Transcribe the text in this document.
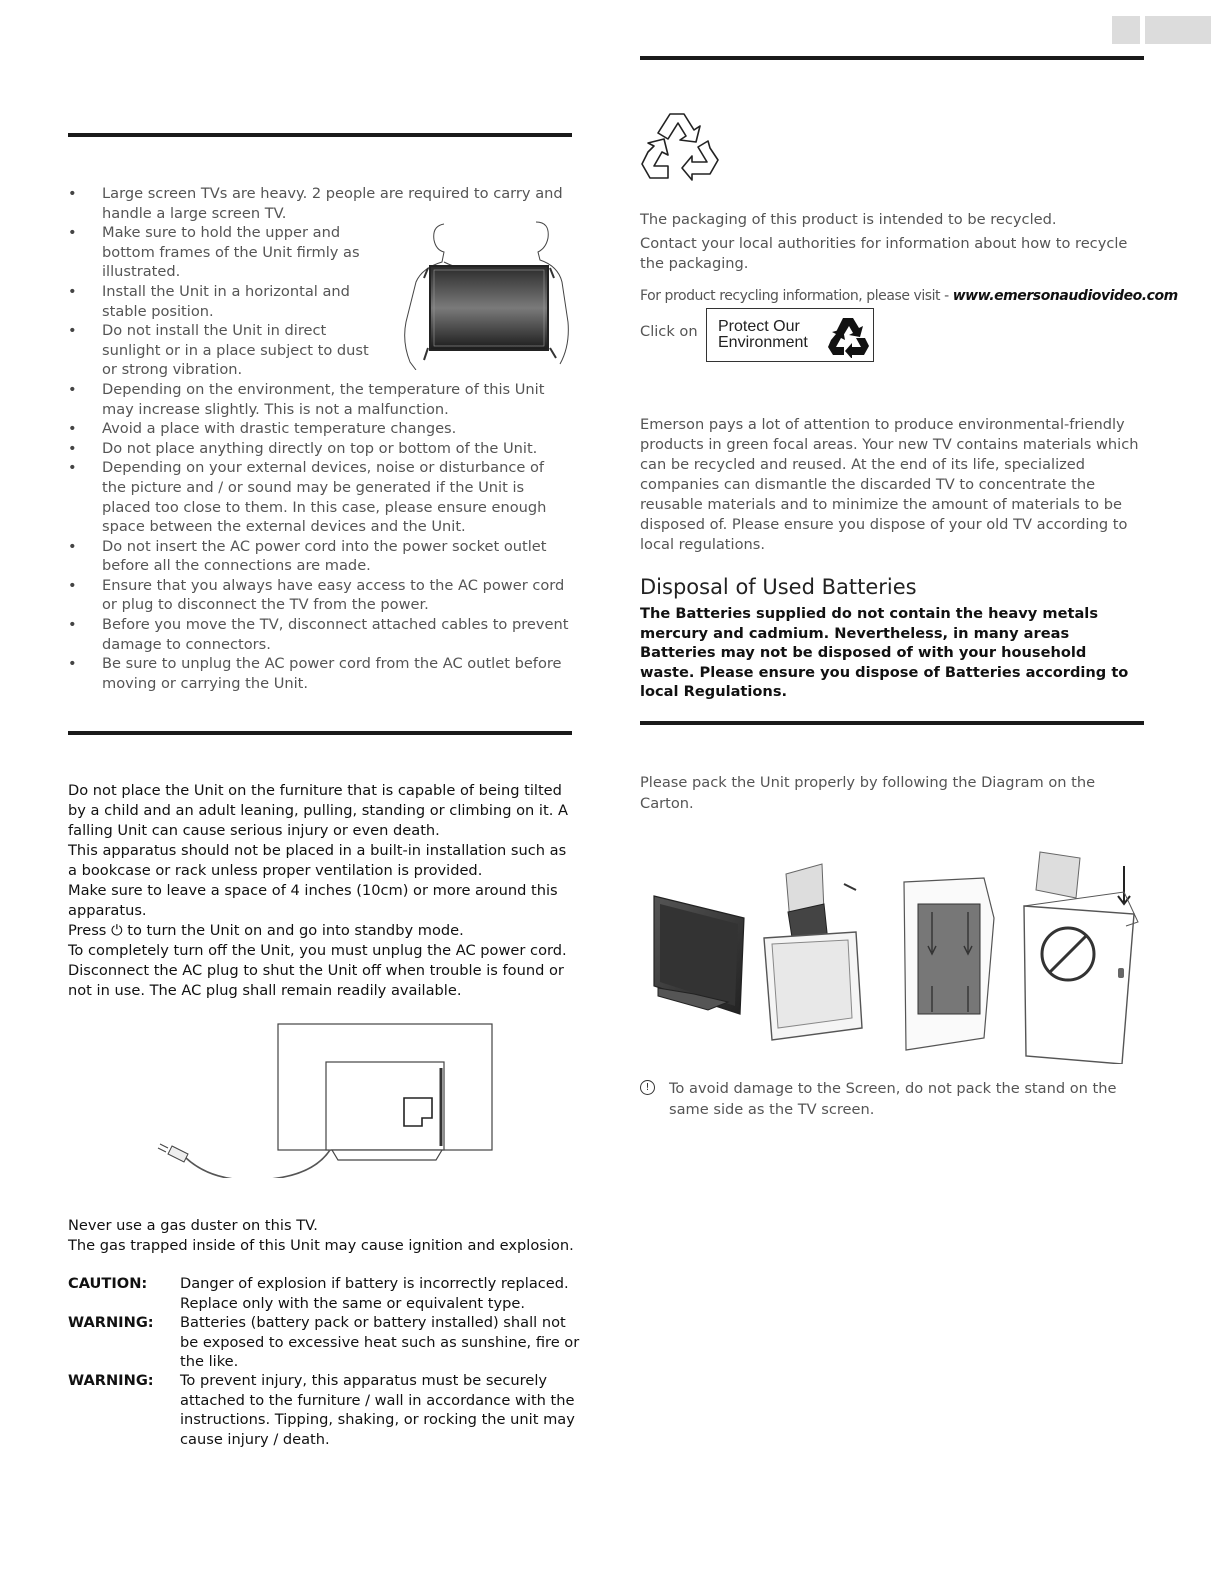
• Large screen TVs are heavy. 2 people are required to carry and handle a large screen TV.
• Make sure to hold the upper and bottom frames of the Unit firmly as illustrated.
• Install the Unit in a horizontal and stable position.
• Do not install the Unit in direct sunlight or in a place subject to dust or strong vibration.
• Depending on the environment, the temperature of this Unit may increase slightly. This is not a malfunction.
• Avoid a place with drastic temperature changes.
• Do not place anything directly on top or bottom of the Unit.
• Depending on your external devices, noise or disturbance of the picture and / or sound may be generated if the Unit is placed too close to them. In this case, please ensure enough space between the external devices and the Unit.
• Do not insert the AC power cord into the power socket outlet before all the connections are made.
• Ensure that you always have easy access to the AC power cord or plug to disconnect the TV from the power.
• Before you move the TV, disconnect attached cables to prevent damage to connectors.
• Be sure to unplug the AC power cord from the AC outlet before moving or carrying the Unit.
Do not place the Unit on the furniture that is capable of being tilted by a child and an adult leaning, pulling, standing or climbing on it. A falling Unit can cause serious injury or even death.
This apparatus should not be placed in a built-in installation such as a bookcase or rack unless proper ventilation is provided.
Make sure to leave a space of 4 inches (10cm) or more around this apparatus.
Press ⏻ to turn the Unit on and go into standby mode.
To completely turn off the Unit, you must unplug the AC power cord.
Disconnect the AC plug to shut the Unit off when trouble is found or not in use. The AC plug shall remain readily available.
Never use a gas duster on this TV.
The gas trapped inside of this Unit may cause ignition and explosion.
CAUTION:	Danger of explosion if battery is incorrectly replaced. Replace only with the same or equivalent type.
WARNING:	Batteries (battery pack or battery installed) shall not be exposed to excessive heat such as sunshine, fire or the like.
WARNING:	To prevent injury, this apparatus must be securely attached to the furniture / wall in accordance with the instructions. Tipping, shaking, or rocking the unit may cause injury / death.
The packaging of this product is intended to be recycled.
Contact your local authorities for information about how to recycle the packaging.
For product recycling information, please visit - www.emersonaudiovideo.com
Click on Protect Our
Environment
Emerson pays a lot of attention to produce environmental-friendly products in green focal areas. Your new TV contains materials which can be recycled and reused. At the end of its life, specialized companies can dismantle the discarded TV to concentrate the reusable materials and to minimize the amount of materials to be disposed of. Please ensure you dispose of your old TV according to local regulations.
Disposal of Used Batteries
The Batteries supplied do not contain the heavy metals mercury and cadmium. Nevertheless, in many areas Batteries may not be disposed of with your household waste. Please ensure you dispose of Batteries according to local Regulations.
Please pack the Unit properly by following the Diagram on the Carton.
!	To avoid damage to the Screen, do not pack the stand on the same side as the TV screen.
